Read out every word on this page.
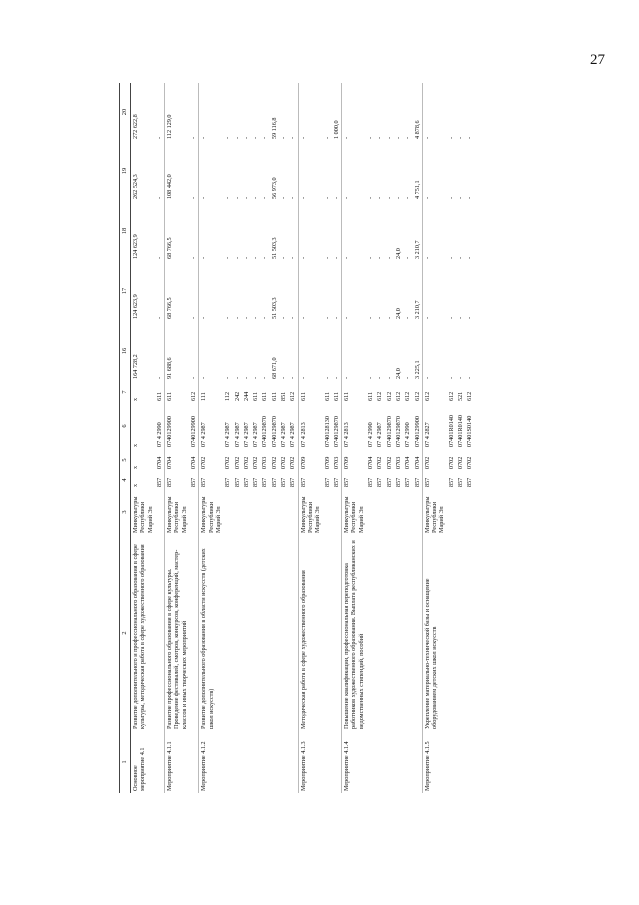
27
1	2	3	4	5	6	7	16	17	18	19	20
Основное мероприятие 4.1	Развитие дополнительного и профессионального образования в сфере культуры, методическая работа в сфере художественного образования	Минкультуры Республики Марий Эл	х	х	х	х	164 728,2	124 623,9	124 623,9	262 524,3	272 622,8
			857	0704	07 4 2990	611	-	-	-	-	-
Мероприятие 4.1.1	Развитие профессионального образования в сфере культуры. Проведение фестивалей, смотров, конкурсов, конференций, мастер-классов и иных творческих мероприятий	Минкультуры Республики Марий Эл	857	0704	0740129900	611	91 688,6	68 766,5	68 766,5	108 442,0	112 129,0
			857	0704	0740129900	612	-	-	-	-	-
Мероприятие 4.1.2	Развитие дополнительного образования в области искусств (детских школ искусств)	Минкультуры Республики Марий Эл	857	0702	07 4 2987	111	-	-	-	-	-
			857	0702	07 4 2987	112	-	-	-	-	-
			857	0702	07 4 2987	242	-	-	-	-	-
			857	0702	07 4 2987	244	-	-	-	-	-
			857	0702	07 4 2987	611	-	-	-	-	-
			857	0703	0740129870	611	-	-	-	-	-
			857	0702	0740129870	611	68 671,0	51 503,3	51 503,3	56 973,0	59 116,8
			857	0702	07 4 2987	851	-	-	-	-	-
			857	0702	07 4 2987	612	-	-	-	-	-
Мероприятие 4.1.3	Методическая работа в сфере художественного образования	Минкультуры Республики Марий Эл	857	0709	07 4 2813	611	-	-	-	-	-
			857	0709	0740128130	611	-	-	-	-	-
			857	0703	0740129870	611	-	-	-	-	1 000,0
Мероприятие 4.1.4	Повышение квалификации, профессиональная переподготовка работников художественного образования. Выплата республиканских и ведомственных стипендий, пособий	Минкультуры Республики Марий Эл	857	0709	07 4 2813	611	-	-	-	-	-
			857	0704	07 4 2990	611	-	-	-	-	-
			857	0702	07 4 2987	612	-	-	-	-	-
			857	0702	0740129870	612	-	-	-	-	-
			857	0703	0740129870	612	24,0	24,0	24,0	-	-
			857	0704	07 4 2990	612	-	-	-	-	-
			857	0704	0740129900	612	3 225,1	3 210,7	3 210,7	4 751,1	4 878,6
Мероприятие 4.1.5	Укрепление материально-технической базы и оснащение оборудованием детских школ искусств	Минкультуры Республики Марий Эл	857	0702	07 4 2827	612	-	-	-	-	-
			857	0702	07401R0140	612	-	-	-	-	-
			857	0702	07401R0140	521	-	-	-	-	-
			857	0702	07401S0140	612	-	-	-	-	-
